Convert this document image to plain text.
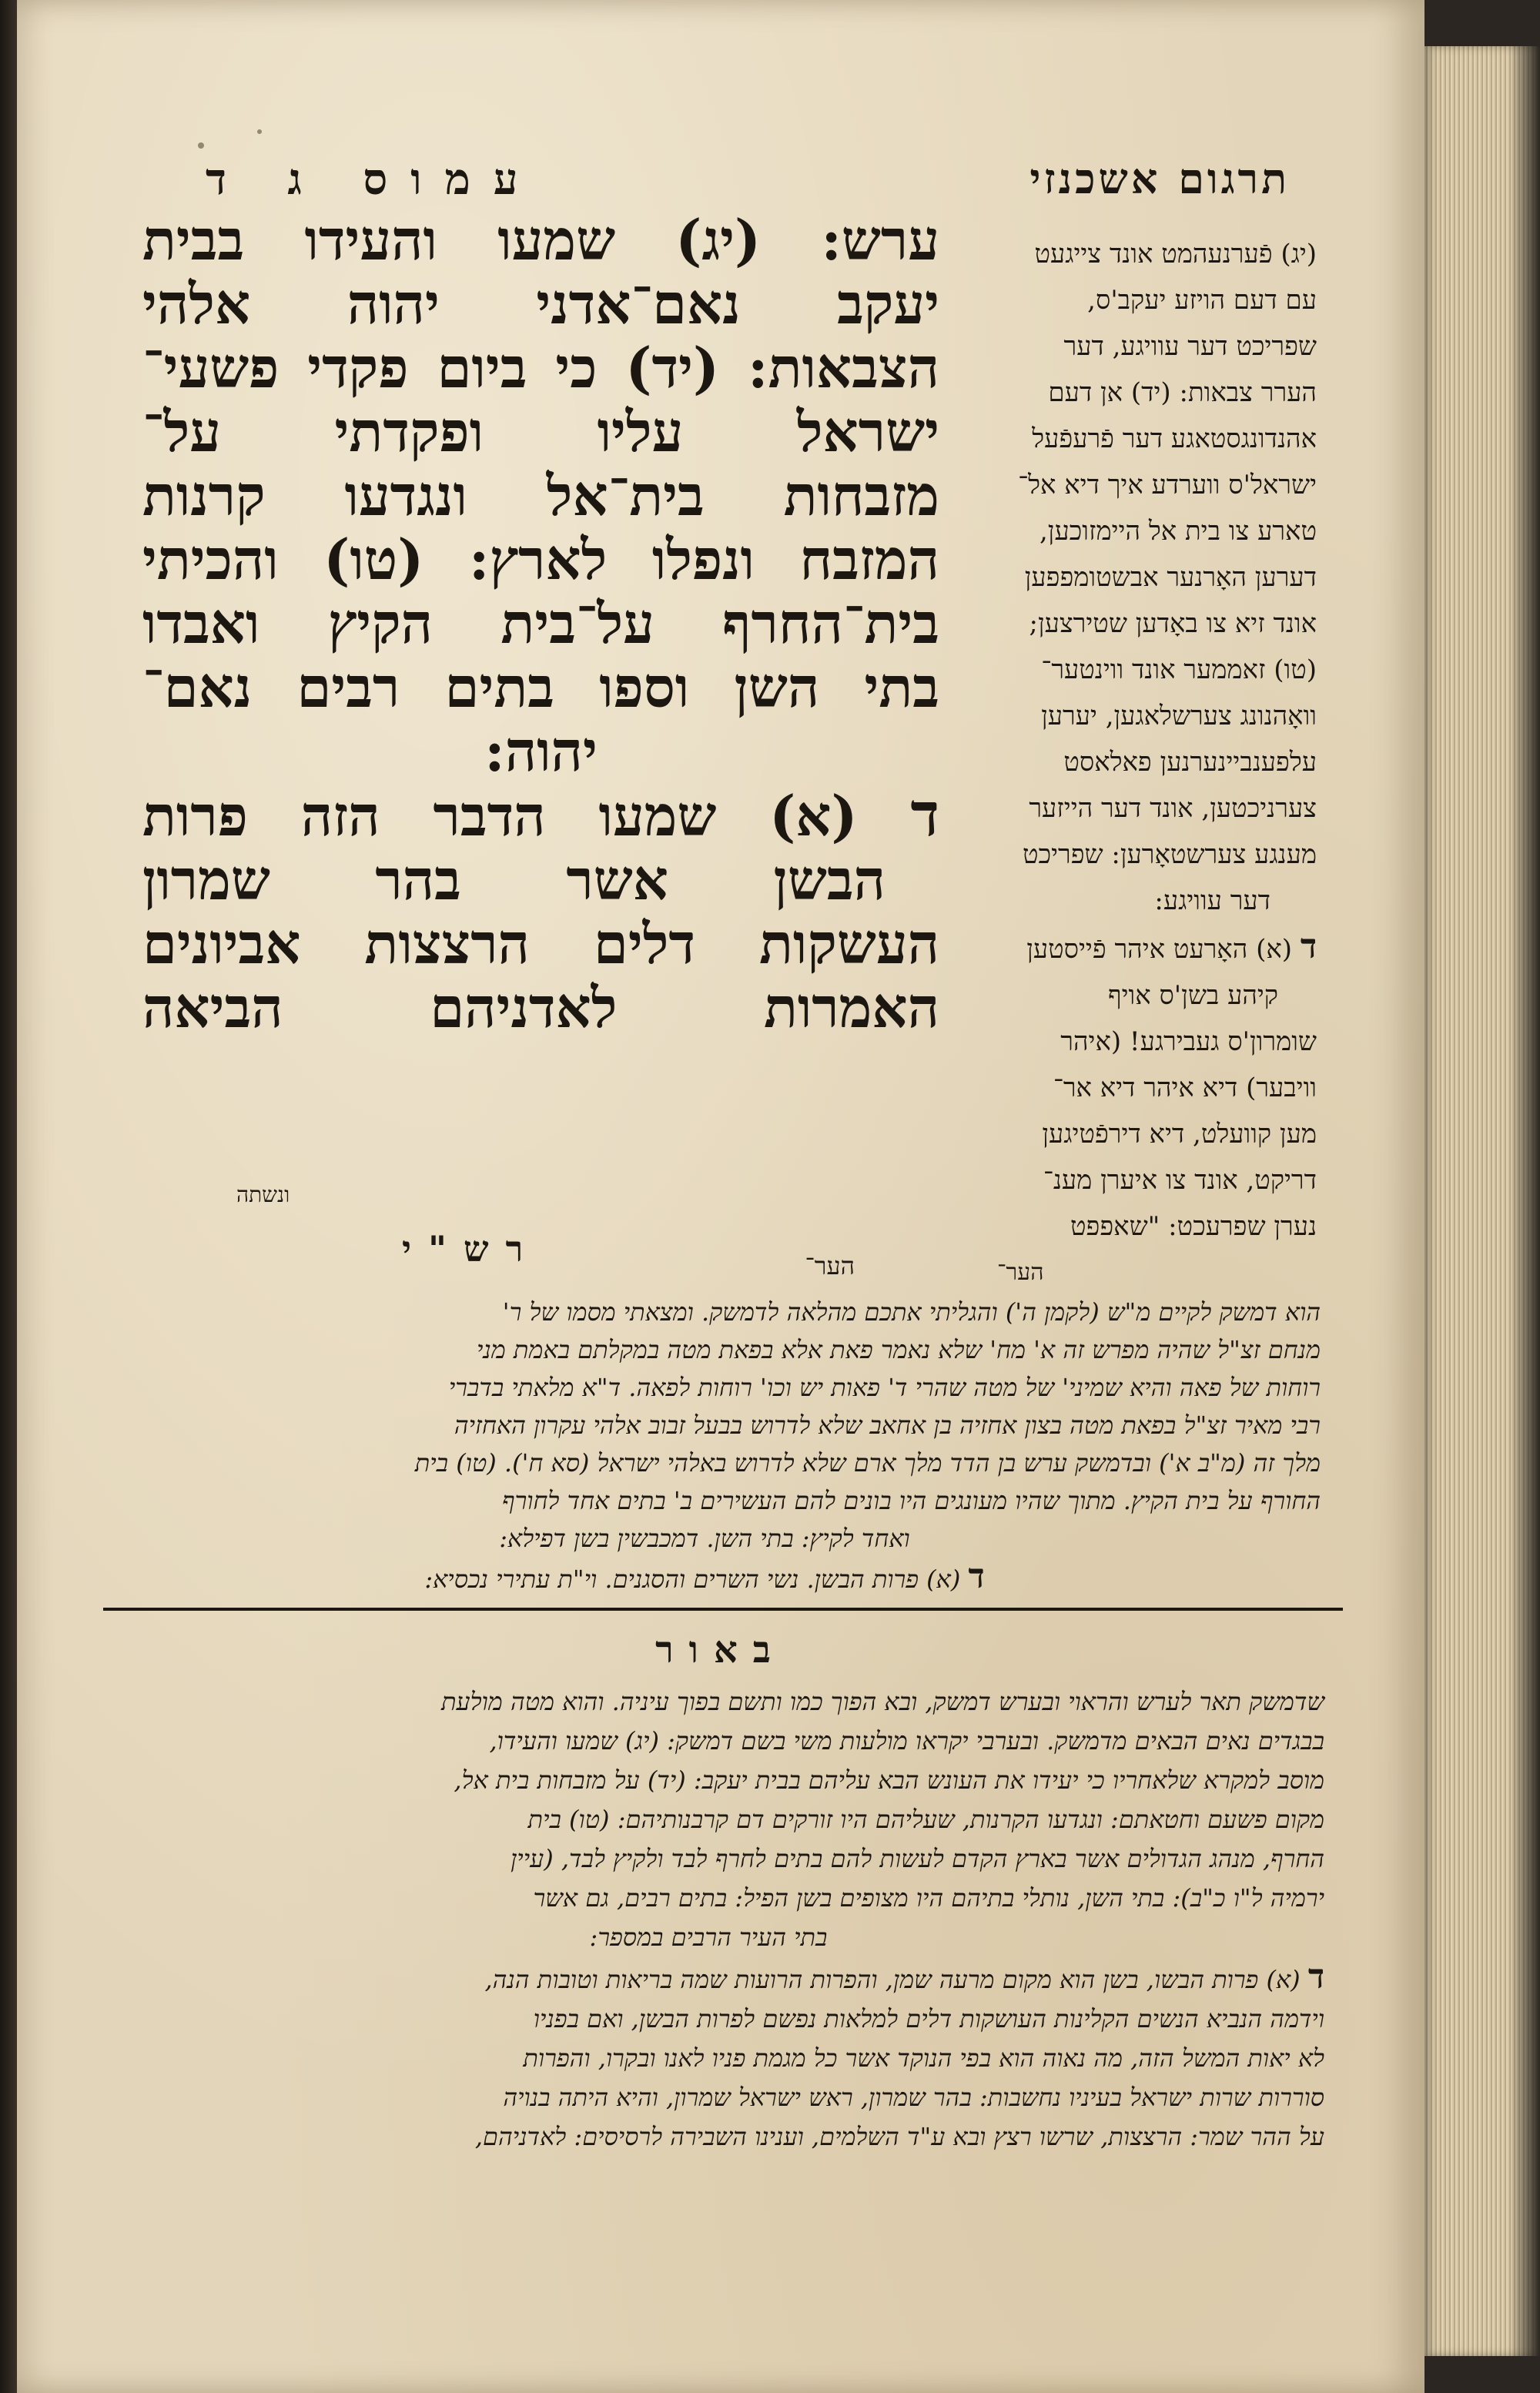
תרגום אשכנזי
עמוס ג ד

(יג) פֿערנעהמט אונד צייגעט

עם דעם הויזע יעקב'ס,

שפריכט דער עוויגע, דער

הערר צבאות: (יד) אן דעם

אהנדונגסטאגע דער פֿרעפֿעל

ישראל'ס ווערדע איך דיא אל־

טארע צו בית אל היימזוכען,

דערען האָרנער אבשטומפפען

אונד זיא צו באָדען שטירצען;

(טו) זאממער אונד ווינטער־

וואָהנונג צערשלאגען, יערען

עלפענביינערנען פאלאסט

צערניכטען, אונד דער הייזער

מענגע צערשטאָרען: שפריכט

דער עוויגע:

ד (א) האָרעט איהר פֿייסטען

קיהע בשן'ס אויף

שומרון'ס געבירגע! (איהר

וויבער) דיא איהר דיא אר־

מען קוועלט, דיא דירפֿטיגען

דריקט, אונד צו איערן מענ־

נערן שפרעכט: "שאפפט

הער־

ערש: (יג) שמעו והעידו בבית

יעקב נאם־אדני יהוה אלהי

הצבאות: (יד) כי ביום פקדי פשעי־

ישראל עליו ופקדתי על־

מזבחות בית־אל ונגדעו קרנות

המזבח ונפלו לארץ: (טו) והכיתי

בית־החרף על־בית הקיץ ואבדו

בתי השן וספו בתים רבים נאם־

יהוה:

ד (א) שמעו הדבר הזה פרות

הבשן אשר בהר שמרון

העשקות דלים הרצצות אביונים

האמרות לאדניהם הביאה

ונשתה
רש"י	הער־

הוא דמשק לקיים מ"ש (לקמן ה') והגליתי אתכם מהלאה לדמשק. ומצאתי מסמו של ר'

מנחם זצ"ל שהיה מפרש זה א' מח' שלא נאמר פאת אלא בפאת מטה במקלתם באמת מני

רוחות של פאה והיא שמיני' של מטה שהרי ד' פאות יש וכו' רוחות לפאה. ד"א מלאתי בדברי

רבי מאיר זצ"ל בפאת מטה בצון אחזיה בן אחאב שלא לדרוש בבעל זבוב אלהי עקרון האחזיה

מלך זה (מ"ב א') ובדמשק ערש בן הדד מלך ארם שלא לדרוש באלהי ישראל (סא ח'). (טו) בית

החורף על בית הקיץ. מתוך שהיו מעונגים היו בונים להם העשירים ב' בתים אחד לחורף

ואחד לקיץ: בתי השן. דמכבשין בשן דפילא:

ד (א) פרות הבשן. נשי השרים והסגנים. וי"ת עתירי נכסיא:

באור

שדמשק תאר לערש והראוי ובערש דמשק, ובא הפוך כמו ותשם בפוך עיניה. והוא מטה מולעת

בבגדים נאים הבאים מדמשק. ובערבי יקראו מולעות משי בשם דמשק: (יג) שמעו והעידו,

מוסב למקרא שלאחריו כי יעידו את העונש הבא עליהם בבית יעקב: (יד) על מזבחות בית אל,

מקום פשעם וחטאתם: ונגדעו הקרנות, שעליהם היו זורקים דם קרבנותיהם: (טו) בית

החרף, מנהג הגדולים אשר בארץ הקדם לעשות להם בתים לחרף לבד ולקיץ לבד, (עיין

ירמיה ל"ו כ"ב): בתי השן, נותלי בתיהם היו מצופים בשן הפיל: בתים רבים, גם אשר

בתי העיר הרבים במספר:

ד (א) פרות הבשו, בשן הוא מקום מרעה שמן, והפרות הרועות שמה בריאות וטובות הנה,

וידמה הנביא הנשים הקלינות העושקות דלים למלאות נפשם לפרות הבשן, ואם בפניו

לא יאות המשל הזה, מה נאוה הוא בפי הנוקד אשר כל מגמת פניו לאנו ובקרו, והפרות

סוררות שרות ישראל בעיניו נחשבות: בהר שמרון, ראש ישראל שמרון, והיא היתה בנויה

על ההר שמר: הרצצות, שרשו רצץ ובא ע"ד השלמים, וענינו השבירה לרסיסים: לאדניהם,
